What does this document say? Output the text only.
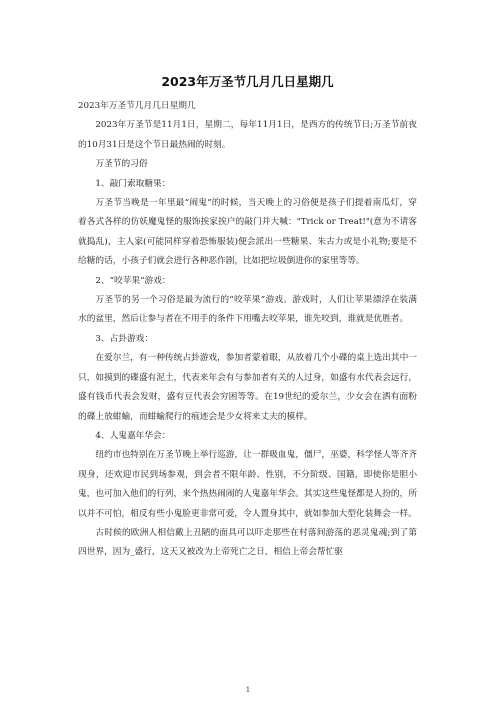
2023年万圣节几月几日星期几

2023年万圣节几月几日星期几

2023年万圣节是11月1日，星期二，每年11月1日，是西方的传统节日;万圣节前夜的10月31日是这个节日最热闹的时刻。

万圣节的习俗

1、敲门索取糖果：

万圣节当晚是一年里最“闹鬼”的时候，当天晚上的习俗便是孩子们提着南瓜灯，穿着各式各样的仿妖魔鬼怪的服饰挨家挨户的敲门并大喊："Trick or Treat!"(意为不请客就捣乱)，主人家(可能同样穿着恐怖服装)便会派出一些糖果、朱古力或是小礼物;要是不给糖的话，小孩子们就会进行各种恶作剧，比如把垃圾倒进你的家里等等。

2、“咬苹果”游戏：

万圣节的另一个习俗是最为流行的“咬苹果”游戏。游戏时，人们让苹果漂浮在装满水的盆里，然后让参与者在不用手的条件下用嘴去咬苹果，谁先咬到，谁就是优胜者。

3、占卦游戏：

在爱尔兰，有一种传统占卦游戏，参加者蒙着眼，从放着几个小碟的桌上选出其中一只，如摸到的碟盛有泥土，代表来年会有与参加者有关的人过身，如盛有水代表会远行，盛有钱币代表会发财，盛有豆代表会穷困等等。在19世纪的爱尔兰，少女会在洒有面粉的碟上放蚶蝓，而蚶蝓爬行的痕迹会是少女将来丈夫的模样。

4、人鬼嘉年华会：

纽约市也特别在万圣节晚上举行巡游，让一群吸血鬼，僵尸，巫婆，科学怪人等齐齐现身，还欢迎市民到场参观，到会者不限年龄、性别，不分阶级、国籍，即使你是胆小鬼，也可加入他们的行列，来个热热闹闹的人鬼嘉年华会。其实这些鬼怪都是人扮的，所以并不可怕，相反有些小鬼脸更非常可爱，令人置身其中，就如参加大型化装舞会一样。

古时候的欧洲人相信戴上丑陋的面具可以吓走那些在村落间游荡的恶灵鬼魂;到了第四世界，因为_盛行，这天又被改为上帝死亡之日，相信上帝会帮忙驱

1
